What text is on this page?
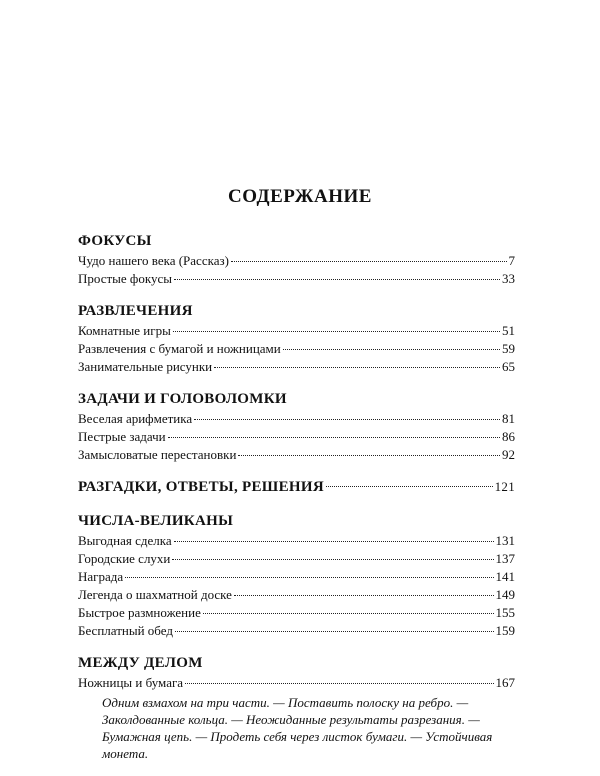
СОДЕРЖАНИЕ
ФОКУСЫ
Чудо нашего века (Рассказ)	7
Простые фокусы	33
РАЗВЛЕЧЕНИЯ
Комнатные игры	51
Развлечения с бумагой и ножницами	59
Занимательные рисунки	65
ЗАДАЧИ И ГОЛОВОЛОМКИ
Веселая арифметика	81
Пестрые задачи	86
Замысловатые перестановки	92
РАЗГАДКИ, ОТВЕТЫ, РЕШЕНИЯ	121
ЧИСЛА-ВЕЛИКАНЫ
Выгодная сделка	131
Городские слухи	137
Награда	141
Легенда о шахматной доске	149
Быстрое размножение	155
Бесплатный обед	159
МЕЖДУ ДЕЛОМ
Ножницы и бумага	167
Одним взмахом на три части. — Поставить полоску на ребро. —
Заколдованные кольца. — Неожиданные результаты разрезания. —
Бумажная цепь. — Продеть себя через листок бумаги. — Устойчивая
монета.
